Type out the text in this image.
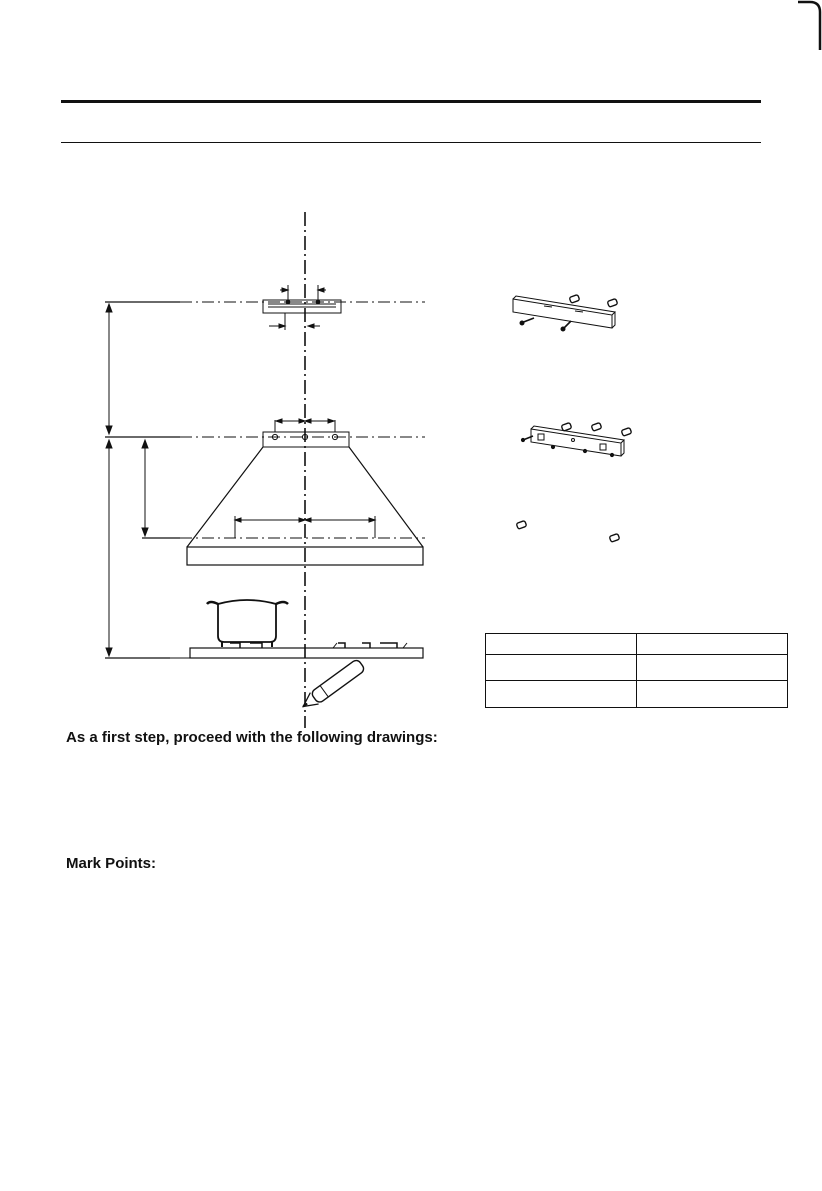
As a first step, proceed with the following drawings:

Mark Points:
